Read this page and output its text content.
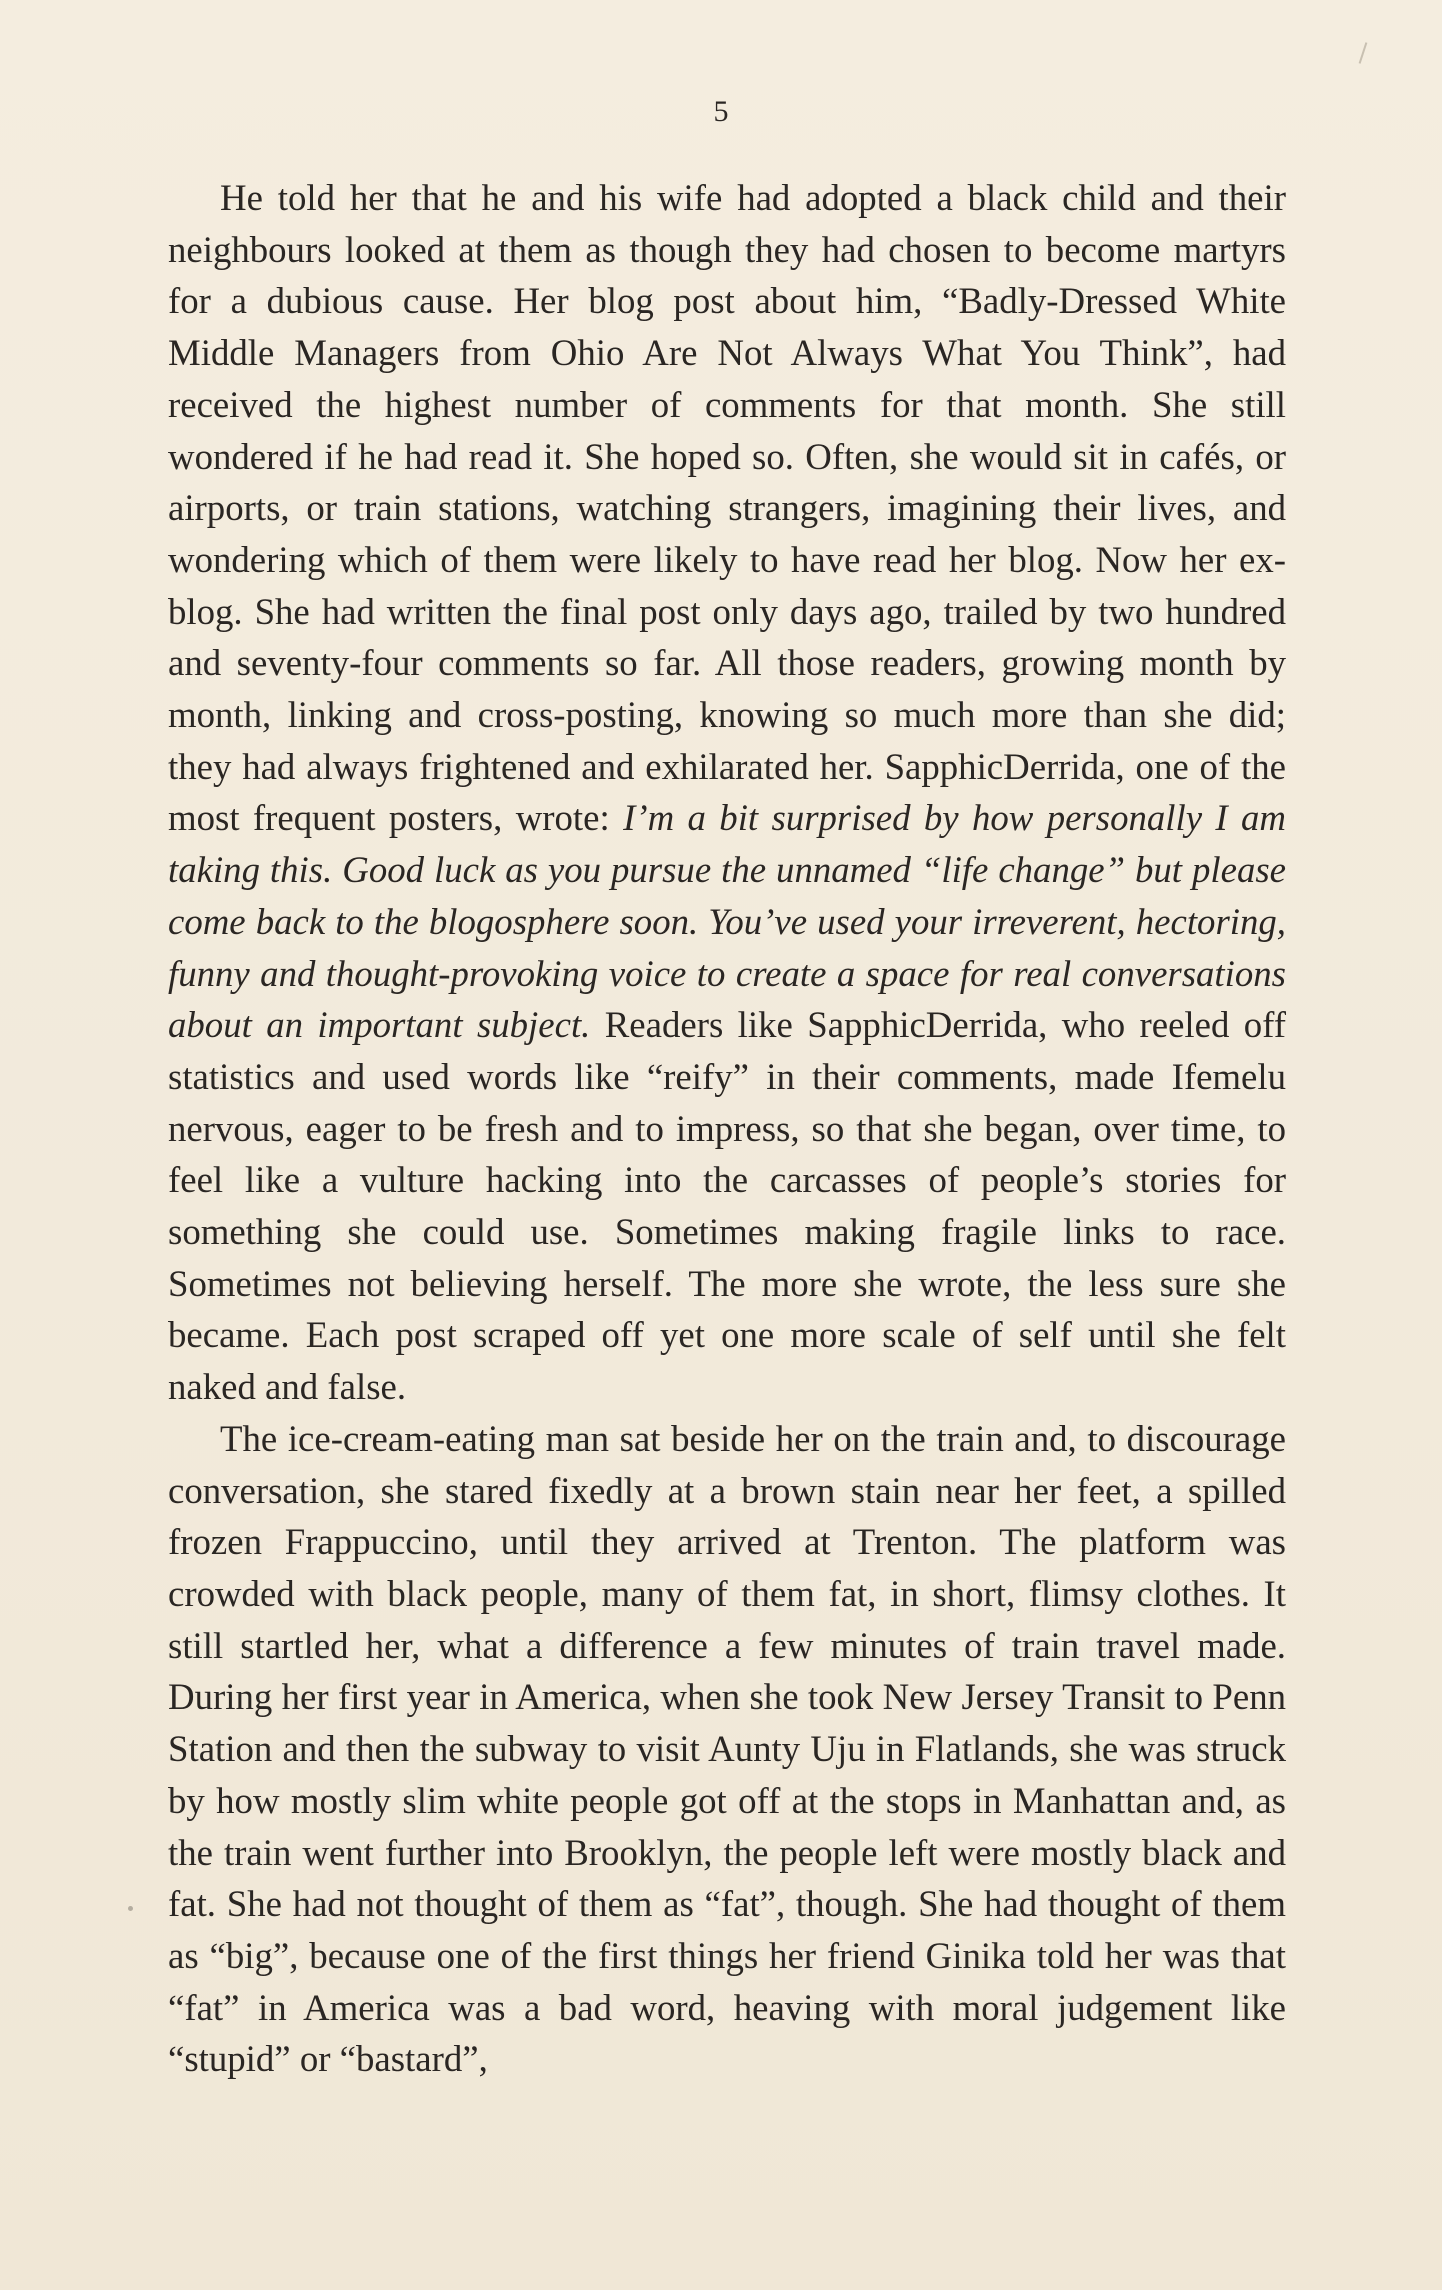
5

He told her that he and his wife had adopted a black child and their neighbours looked at them as though they had chosen to become martyrs for a dubious cause. Her blog post about him, “Badly-Dressed White Middle Managers from Ohio Are Not Always What You Think”, had received the highest number of comments for that month. She still wondered if he had read it. She hoped so. Often, she would sit in cafés, or airports, or train stations, watching strangers, imagining their lives, and wondering which of them were likely to have read her blog. Now her ex-blog. She had written the final post only days ago, trailed by two hundred and seventy-four comments so far. All those readers, growing month by month, linking and cross-posting, knowing so much more than she did; they had always frightened and exhilarated her. SapphicDerrida, one of the most frequent posters, wrote: I’m a bit surprised by how personally I am taking this. Good luck as you pursue the unnamed “life change” but please come back to the blogosphere soon. You’ve used your irreverent, hectoring, funny and thought-provoking voice to create a space for real conversations about an important subject. Readers like SapphicDerrida, who reeled off statistics and used words like “reify” in their comments, made Ifemelu nervous, eager to be fresh and to impress, so that she began, over time, to feel like a vulture hacking into the carcasses of people’s stories for something she could use. Sometimes making fragile links to race. Sometimes not believing herself. The more she wrote, the less sure she became. Each post scraped off yet one more scale of self until she felt naked and false.

The ice-cream-eating man sat beside her on the train and, to discourage conversation, she stared fixedly at a brown stain near her feet, a spilled frozen Frappuccino, until they arrived at Trenton. The platform was crowded with black people, many of them fat, in short, flimsy clothes. It still startled her, what a difference a few minutes of train travel made. During her first year in America, when she took New Jersey Transit to Penn Station and then the subway to visit Aunty Uju in Flatlands, she was struck by how mostly slim white people got off at the stops in Manhattan and, as the train went further into Brooklyn, the people left were mostly black and fat. She had not thought of them as “fat”, though. She had thought of them as “big”, because one of the first things her friend Ginika told her was that “fat” in America was a bad word, heaving with moral judgement like “stupid” or “bastard”,
